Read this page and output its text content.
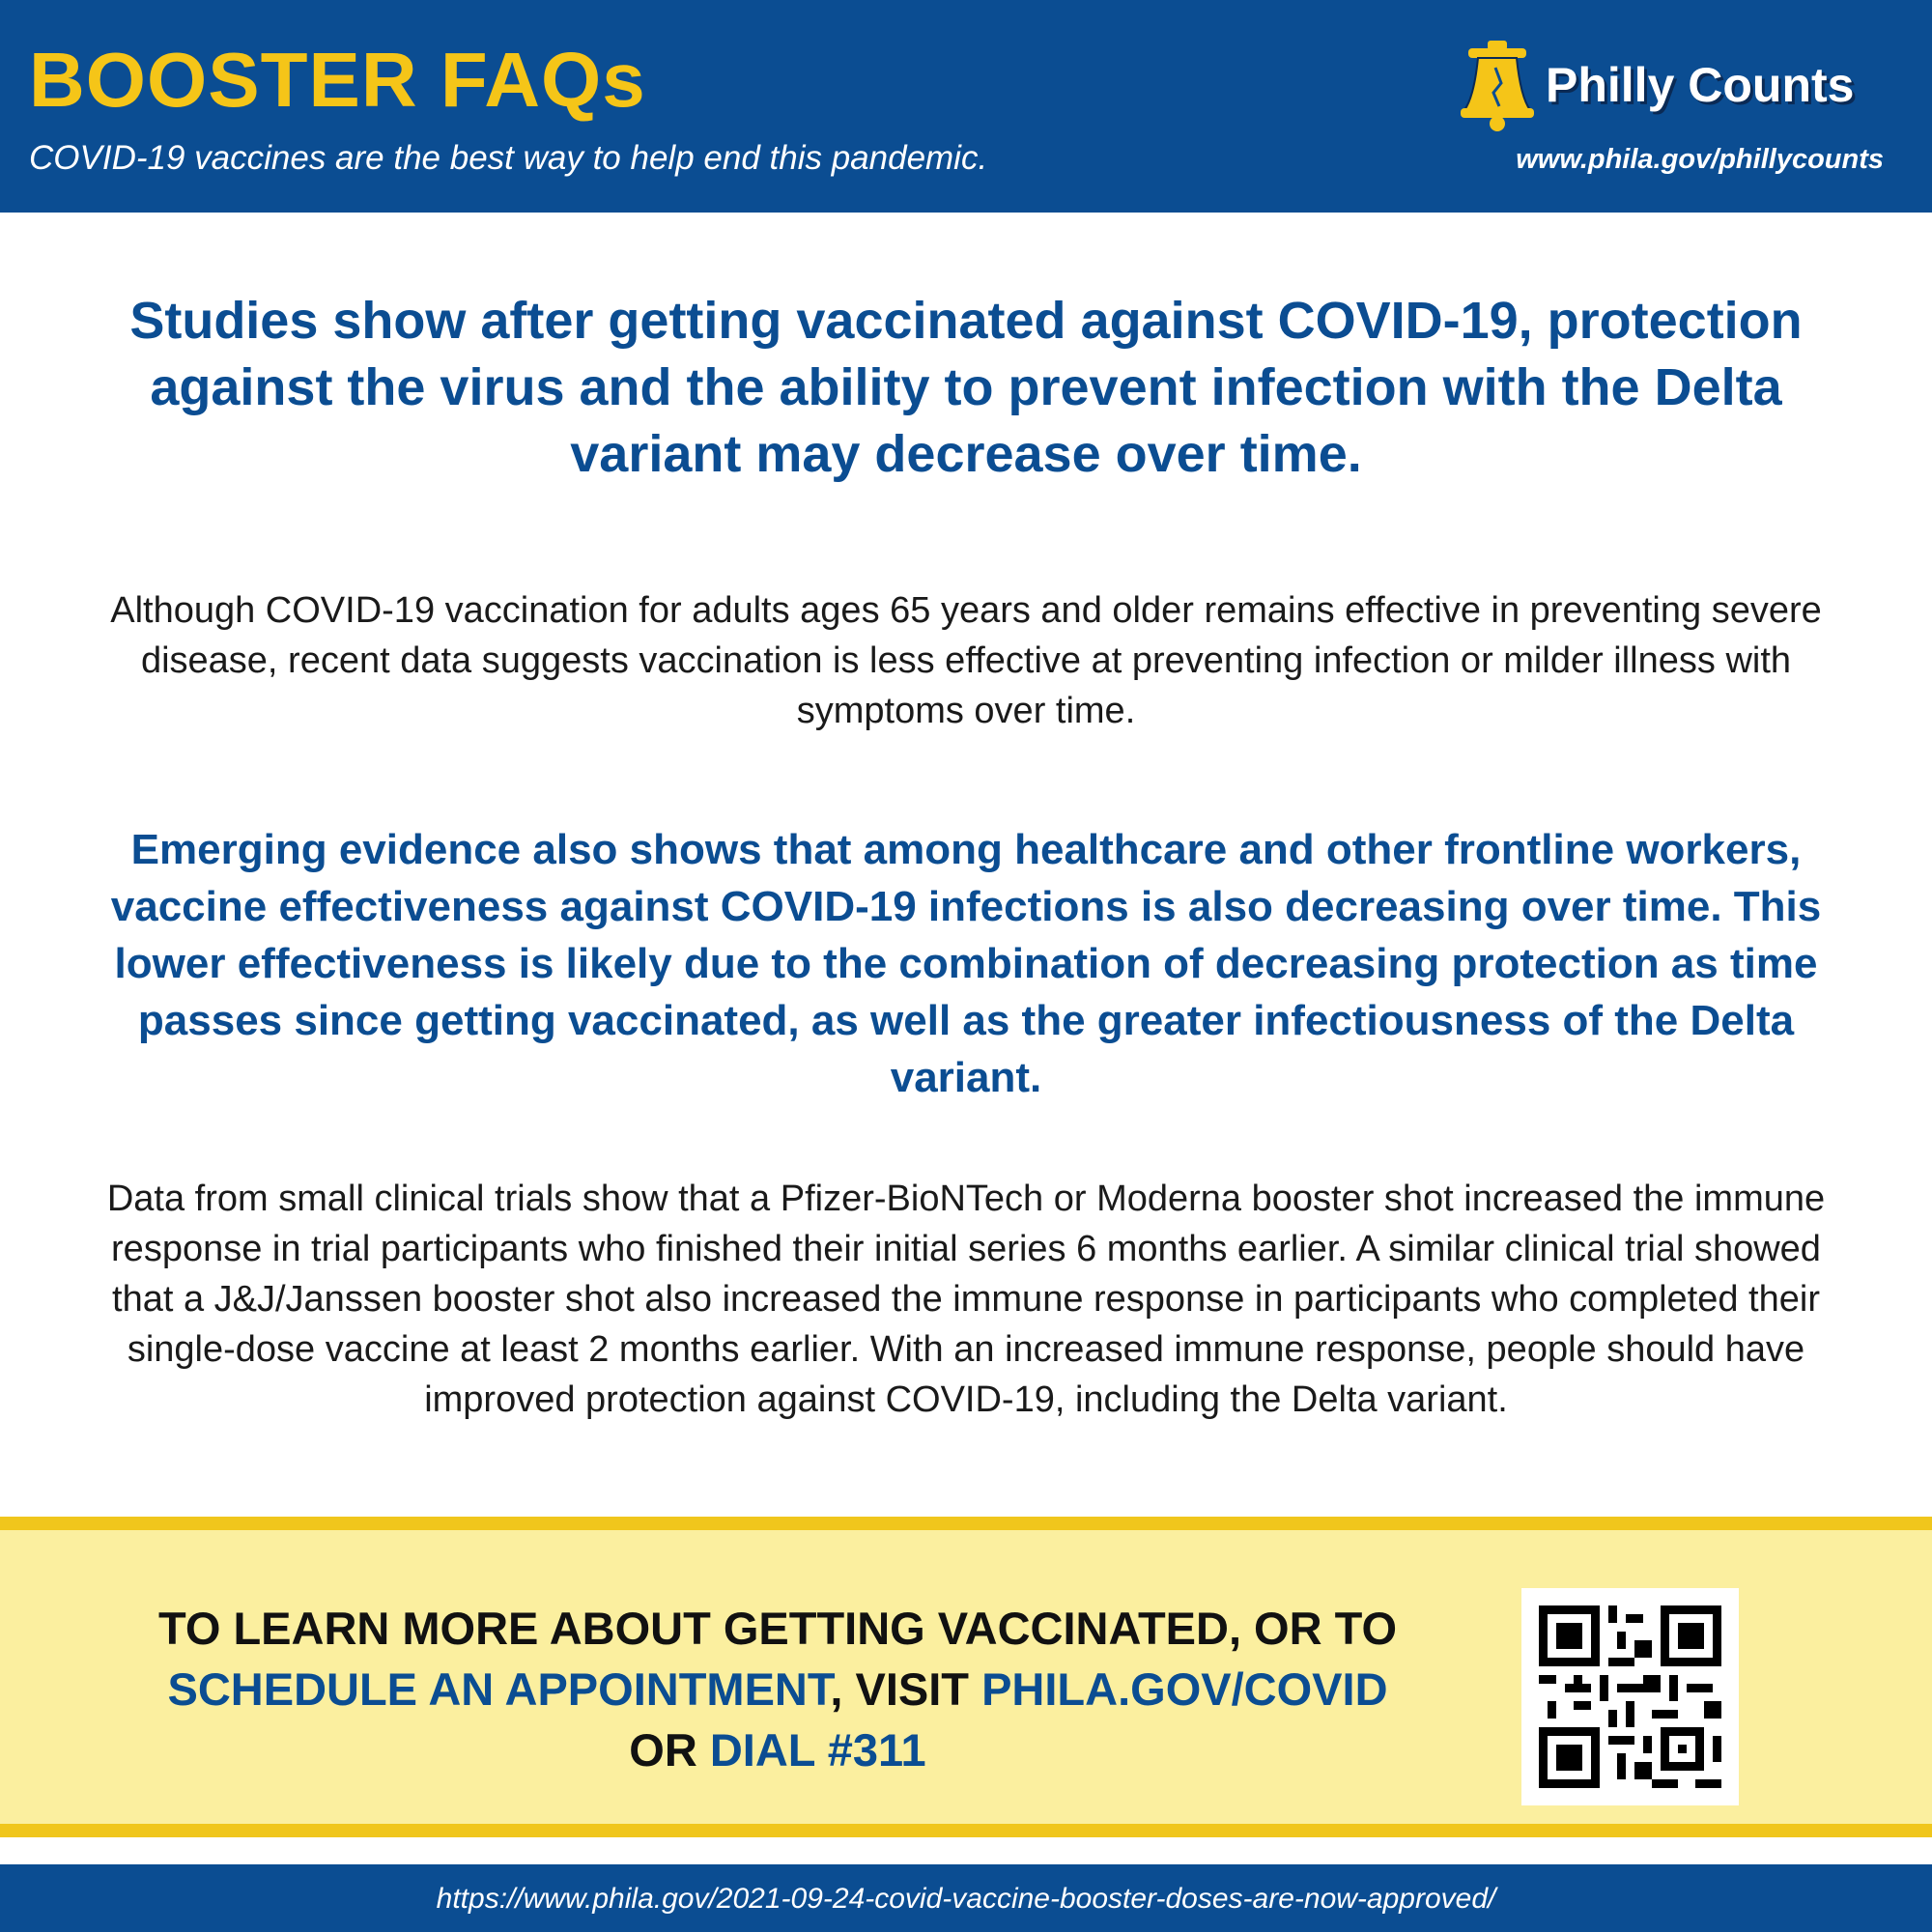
BOOSTER FAQs
COVID-19 vaccines are the best way to help end this pandemic.
Philly Counts
www.phila.gov/phillycounts
Studies show after getting vaccinated against COVID-19, protection against the virus and the ability to prevent infection with the Delta variant may decrease over time.
Although COVID-19 vaccination for adults ages 65 years and older remains effective in preventing severe disease, recent data suggests vaccination is less effective at preventing infection or milder illness with symptoms over time.
Emerging evidence also shows that among healthcare and other frontline workers, vaccine effectiveness against COVID-19 infections is also decreasing over time. This lower effectiveness is likely due to the combination of decreasing protection as time passes since getting vaccinated, as well as the greater infectiousness of the Delta variant.
Data from small clinical trials show that a Pfizer-BioNTech or Moderna booster shot increased the immune response in trial participants who finished their initial series 6 months earlier. A similar clinical trial showed that a J&J/Janssen booster shot also increased the immune response in participants who completed their single-dose vaccine at least 2 months earlier. With an increased immune response, people should have improved protection against COVID-19, including the Delta variant.
TO LEARN MORE ABOUT GETTING VACCINATED, OR TO SCHEDULE AN APPOINTMENT, VISIT PHILA.GOV/COVID OR DIAL #311
https://www.phila.gov/2021-09-24-covid-vaccine-booster-doses-are-now-approved/
